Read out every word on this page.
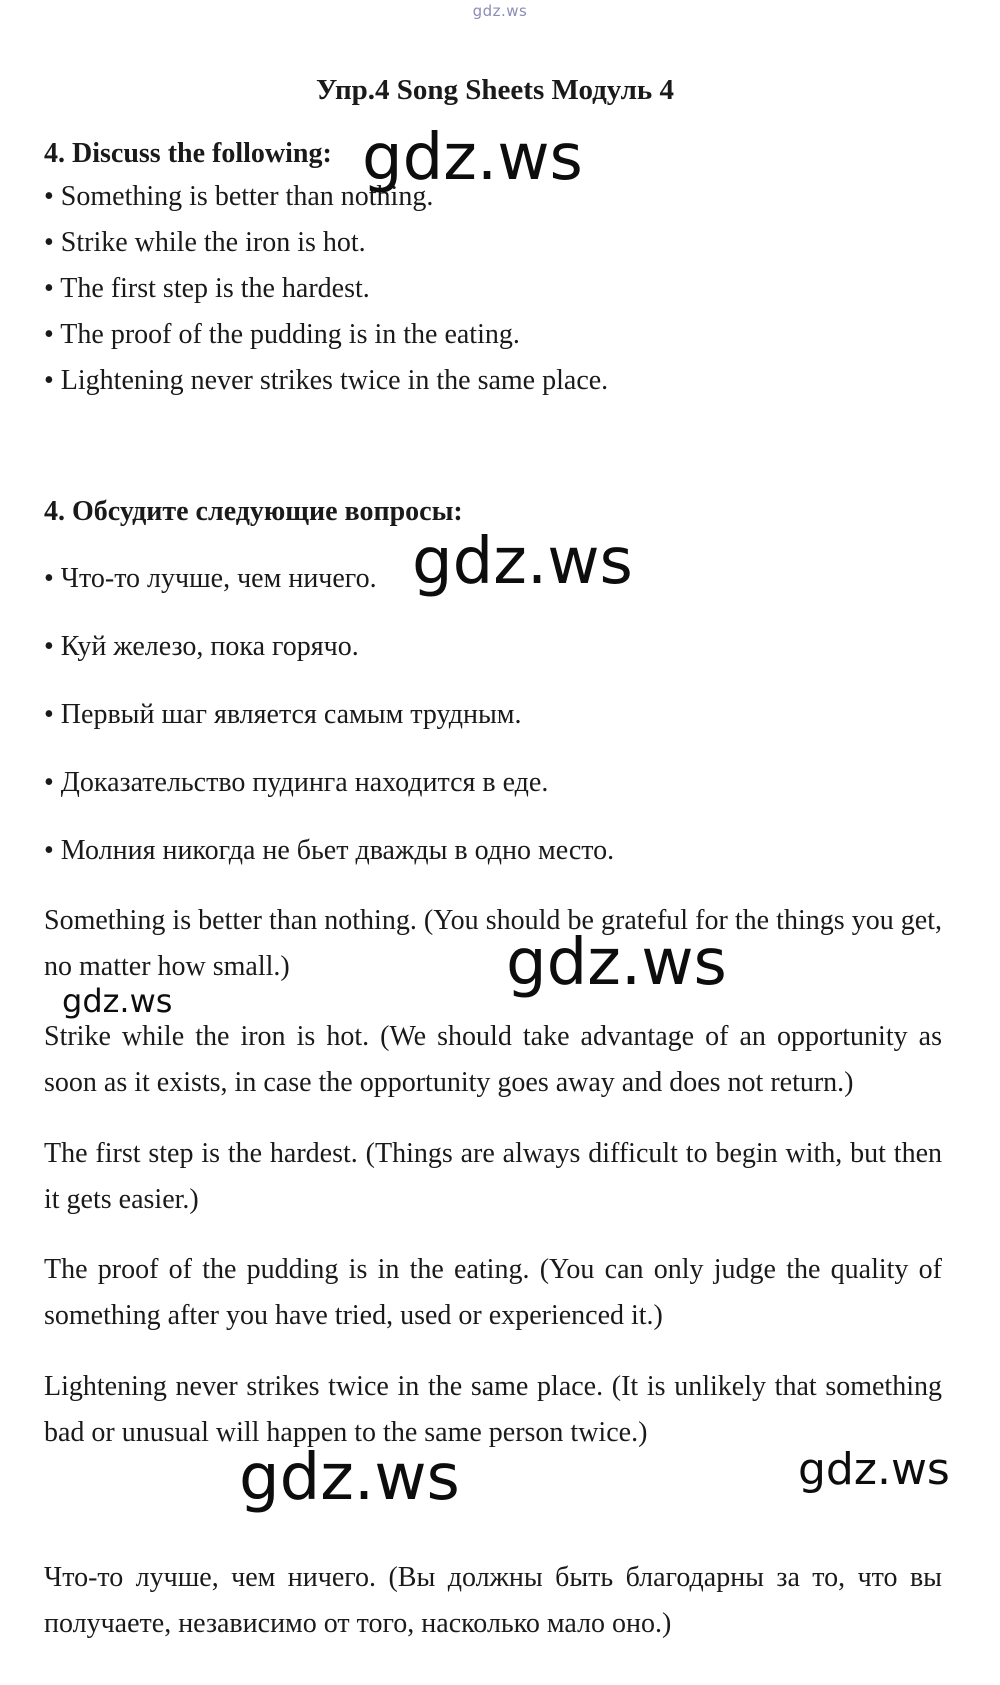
gdz.ws
Упр.4 Song Sheets Модуль 4
4. Discuss the following:
• Something is better than nothing.
• Strike while the iron is hot.
• The first step is the hardest.
• The proof of the pudding is in the eating.
• Lightening never strikes twice in the same place.
4. Обсудите следующие вопросы:
• Что-то лучше, чем ничего.
• Куй железо, пока горячо.
• Первый шаг является самым трудным.
• Доказательство пудинга находится в еде.
• Молния никогда не бьет дважды в одно место.
Something is better than nothing. (You should be grateful for the things you get, no matter how small.)
Strike while the iron is hot. (We should take advantage of an opportunity as soon as it exists, in case the opportunity goes away and does not return.)
The first step is the hardest. (Things are always difficult to begin with, but then it gets easier.)
The proof of the pudding is in the eating. (You can only judge the quality of something after you have tried, used or experienced it.)
Lightening never strikes twice in the same place. (It is unlikely that something bad or unusual will happen to the same person twice.)
Что-то лучше, чем ничего. (Вы должны быть благодарны за то, что вы получаете, независимо от того, насколько мало оно.)
gdz.ws
gdz.ws
gdz.ws
gdz.ws
gdz.ws	gdz.ws
